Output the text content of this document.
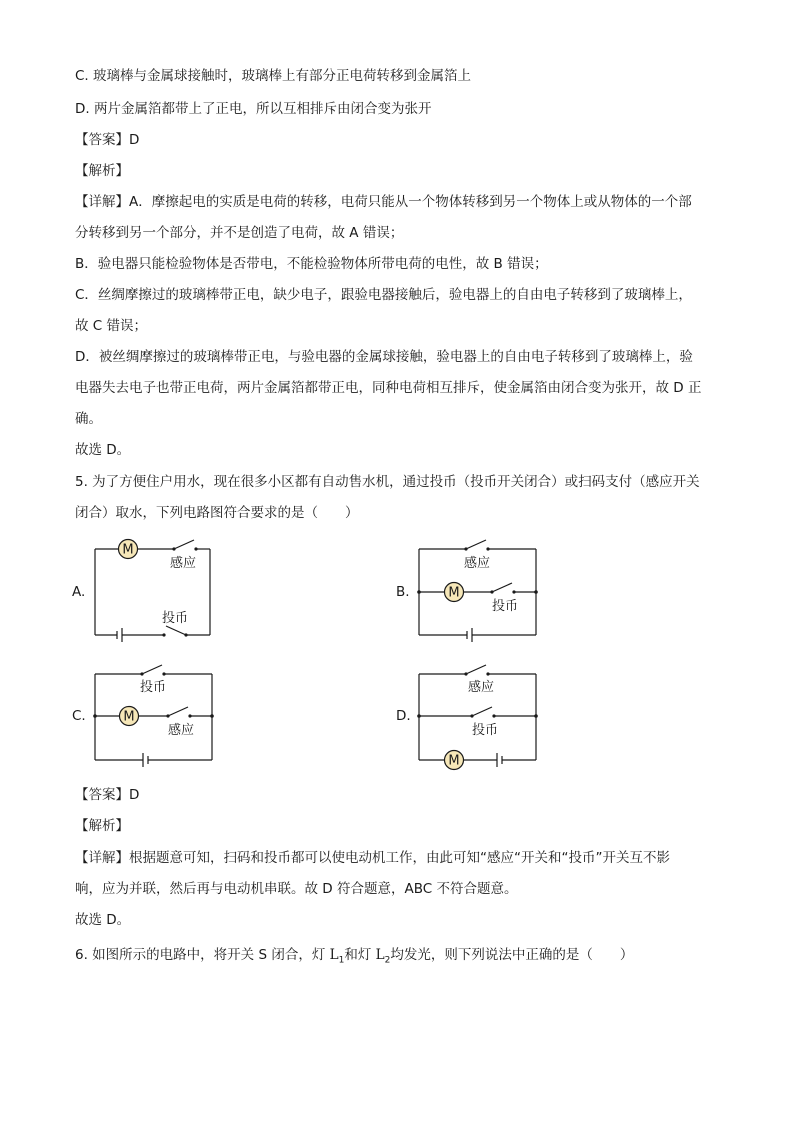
C. 玻璃棒与金属球接触时，玻璃棒上有部分正电荷转移到金属箔上
D. 两片金属箔都带上了正电，所以互相排斥由闭合变为张开
【答案】D
【解析】
【详解】A．摩擦起电的实质是电荷的转移，电荷只能从一个物体转移到另一个物体上或从物体的一个部
分转移到另一个部分，并不是创造了电荷，故 A 错误；
B．验电器只能检验物体是否带电，不能检验物体所带电荷的电性，故 B 错误；
C．丝绸摩擦过的玻璃棒带正电，缺少电子，跟验电器接触后，验电器上的自由电子转移到了玻璃棒上，
故 C 错误；
D．被丝绸摩擦过的玻璃棒带正电，与验电器的金属球接触，验电器上的自由电子转移到了玻璃棒上，验
电器失去电子也带正电荷，两片金属箔都带正电，同种电荷相互排斥，使金属箔由闭合变为张开，故 D 正
确。
故选 D。
5. 为了方便住户用水，现在很多小区都有自动售水机，通过投币（投币开关闭合）或扫码支付（感应开关
闭合）取水，下列电路图符合要求的是（　　）
A.
M
感应
投币
B.	M
感应
投币
C.	M
投币
感应
D.
M
感应
投币
【答案】D
【解析】
【详解】根据题意可知，扫码和投币都可以使电动机工作，由此可知“感应“开关和“投币”开关互不影
响，应为并联，然后再与电动机串联。故 D 符合题意，ABC 不符合题意。
故选 D。
6. 如图所示的电路中，将开关 S 闭合，灯 $L_1$和灯 $L_2$均发光，则下列说法中正确的是（　　）
